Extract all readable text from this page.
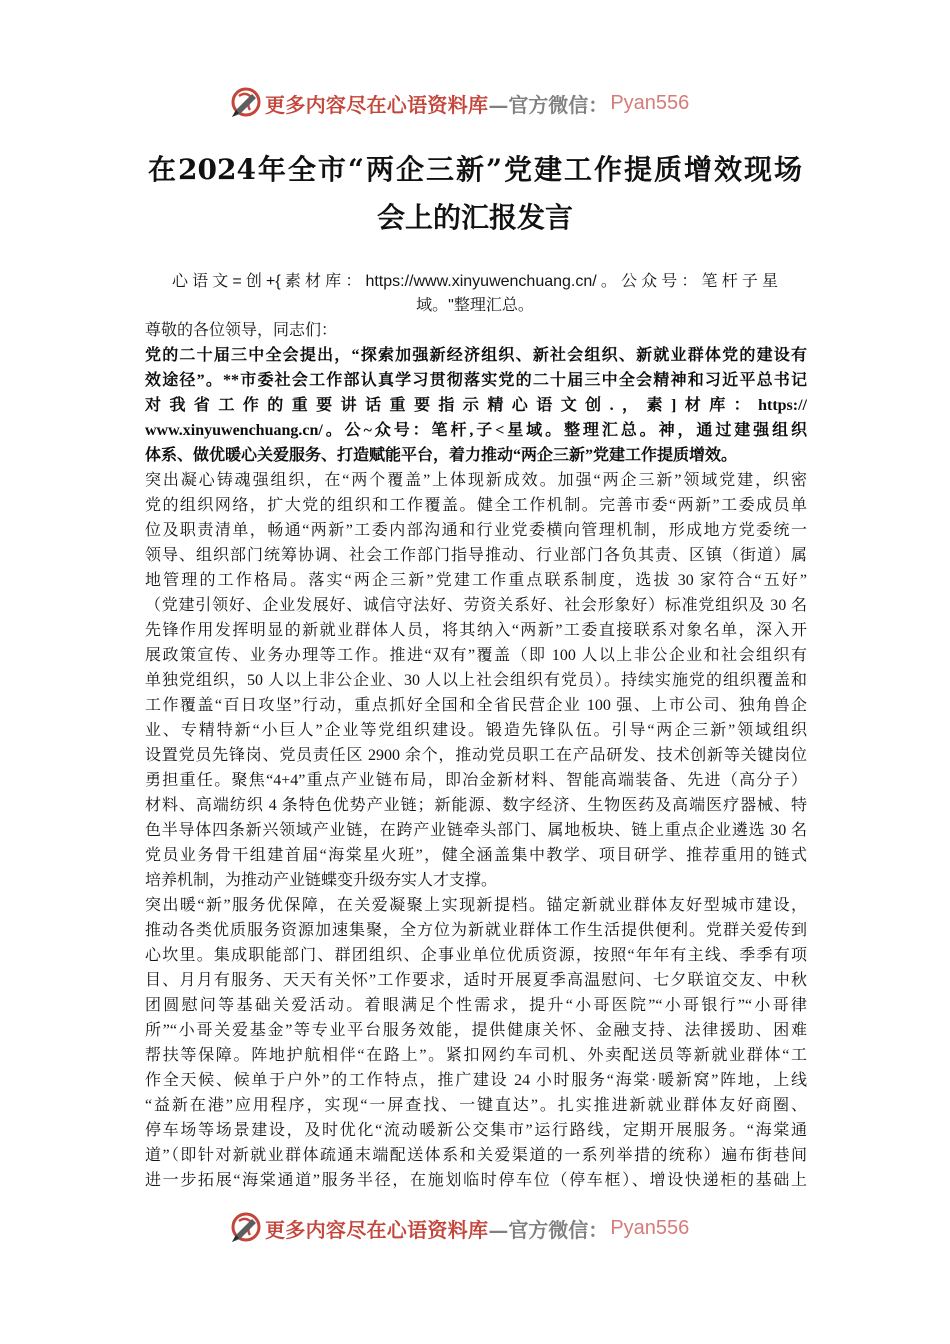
更多内容尽在心语资料库 —官方微信： Pyan556
在2024年全市“两企三新”党建工作提质增效现场
会上的汇报发言
心语文=创+{素材库：https://www.xinyuwenchuang.cn/。公众号：笔杆子星
域。"整理汇总。
尊敬的各位领导，同志们：
党的二十届三中全会提出，“探索加强新经济组织、新社会组织、新就业群体党的建设有
效途径”。**市委社会工作部认真学习贯彻落实党的二十届三中全会精神和习近平总书记
对我省工作的重要讲话重要指示精心语文创.，素]材库：https://
www.xinyuwenchuang.cn/。公~众号：笔杆,子<星域。整理汇总。神，通过建强组织
体系、做优暖心关爱服务、打造赋能平台，着力推动“两企三新”党建工作提质增效。
突出凝心铸魂强组织，在“两个覆盖”上体现新成效。加强“两企三新”领域党建，织密
党的组织网络，扩大党的组织和工作覆盖。健全工作机制。完善市委“两新”工委成员单
位及职责清单，畅通“两新”工委内部沟通和行业党委横向管理机制，形成地方党委统一
领导、组织部门统筹协调、社会工作部门指导推动、行业部门各负其责、区镇（街道）属
地管理的工作格局。落实“两企三新”党建工作重点联系制度，选拔 30 家符合“五好”
（党建引领好、企业发展好、诚信守法好、劳资关系好、社会形象好）标准党组织及 30 名
先锋作用发挥明显的新就业群体人员，将其纳入“两新”工委直接联系对象名单，深入开
展政策宣传、业务办理等工作。推进“双有”覆盖（即 100 人以上非公企业和社会组织有
单独党组织，50 人以上非公企业、30 人以上社会组织有党员）。持续实施党的组织覆盖和
工作覆盖“百日攻坚”行动，重点抓好全国和全省民营企业 100 强、上市公司、独角兽企
业、专精特新“小巨人”企业等党组织建设。锻造先锋队伍。引导“两企三新”领域组织
设置党员先锋岗、党员责任区 2900 余个，推动党员职工在产品研发、技术创新等关键岗位
勇担重任。聚焦“4+4”重点产业链布局，即冶金新材料、智能高端装备、先进（高分子）
材料、高端纺织 4 条特色优势产业链；新能源、数字经济、生物医药及高端医疗器械、特
色半导体四条新兴领域产业链，在跨产业链牵头部门、属地板块、链上重点企业遴选 30 名
党员业务骨干组建首届“海棠星火班”，健全涵盖集中教学、项目研学、推荐重用的链式
培养机制，为推动产业链蝶变升级夯实人才支撑。
突出暖“新”服务优保障，在关爱凝聚上实现新提档。锚定新就业群体友好型城市建设，
推动各类优质服务资源加速集聚，全方位为新就业群体工作生活提供便利。党群关爱传到
心坎里。集成职能部门、群团组织、企事业单位优质资源，按照“年年有主线、季季有项
目、月月有服务、天天有关怀”工作要求，适时开展夏季高温慰问、七夕联谊交友、中秋
团圆慰问等基础关爱活动。着眼满足个性需求，提升“小哥医院”“小哥银行”“小哥律
所”“小哥关爱基金”等专业平台服务效能，提供健康关怀、金融支持、法律援助、困难
帮扶等保障。阵地护航相伴“在路上”。紧扣网约车司机、外卖配送员等新就业群体“工
作全天候、候单于户外”的工作特点，推广建设 24 小时服务“海棠·暖新窝”阵地，上线
“益新在港”应用程序，实现“一屏查找、一键直达”。扎实推进新就业群体友好商圈、
停车场等场景建设，及时优化“流动暖新公交集市”运行路线，定期开展服务。“海棠通
道”（即针对新就业群体疏通末端配送体系和关爱渠道的一系列举措的统称）遍布街巷间
进一步拓展“海棠通道”服务半径，在施划临时停车位（停车框）、增设快递柜的基础上
更多内容尽在心语资料库 —官方微信： Pyan556
